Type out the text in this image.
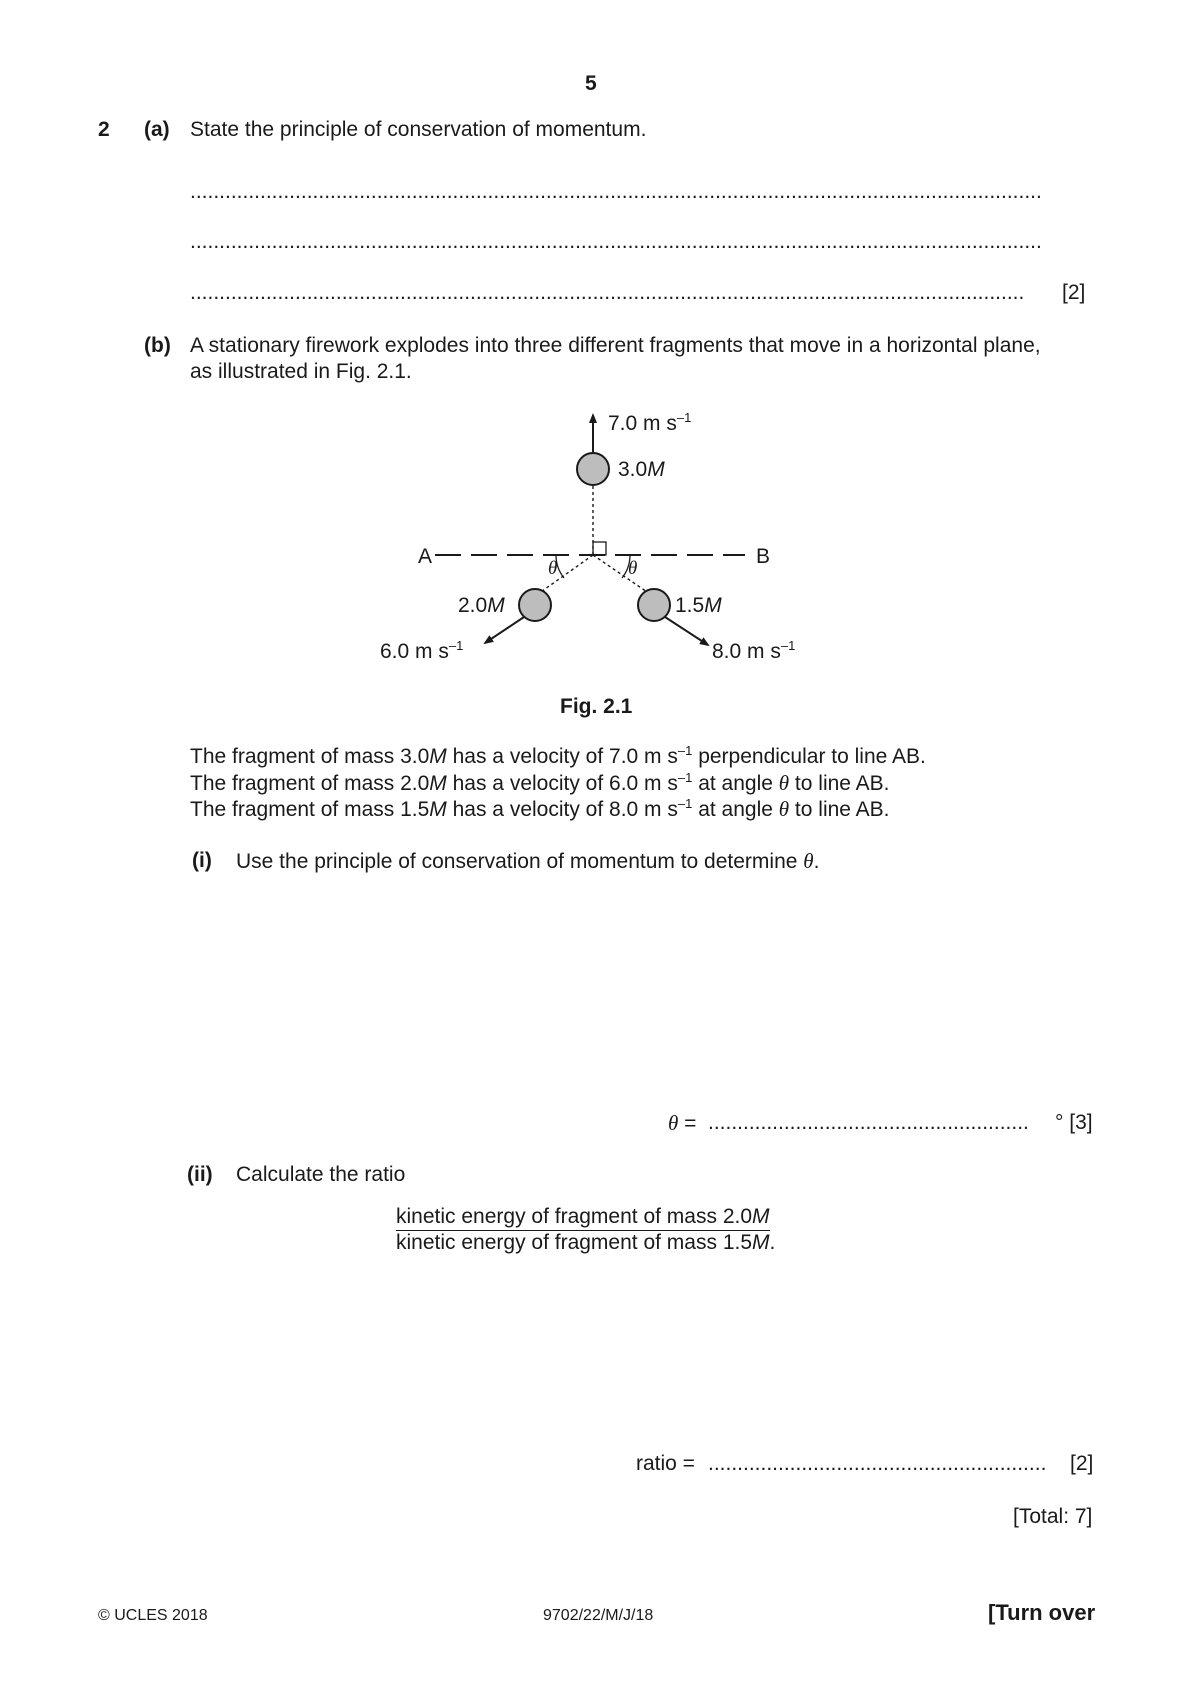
5
2 (a) State the principle of conservation of momentum.
..................................................................................................................................................
..................................................................................................................................................
............................................................................................................................................... [2]
(b) A stationary firework explodes into three different fragments that move in a horizontal plane,
as illustrated in Fig. 2.1.
A	B
θ	θ
7.0 m $s^{-1}$
3.0M
2.0M	1.5M
6.0 m $s^{-1}$	8.0 m $s^{-1}$
Fig. 2.1
The fragment of mass 3.0M has a velocity of 7.0 m $s^{-1}$ perpendicular to line AB.
The fragment of mass 2.0M has a velocity of 6.0 m $s^{-1}$ at angle θ to line AB.
The fragment of mass 1.5M has a velocity of 8.0 m $s^{-1}$ at angle θ to line AB.
(i) Use the principle of conservation of momentum to determine θ.
θ = ....................................................... ° [3]
(ii) Calculate the ratio
kinetic energy of fragment of mass 2.0M
kinetic energy of fragment of mass 1.5M.
ratio = .......................................................... [2]
[Total: 7]
© UCLES 2018	9702/22/M/J/18	[Turn over
